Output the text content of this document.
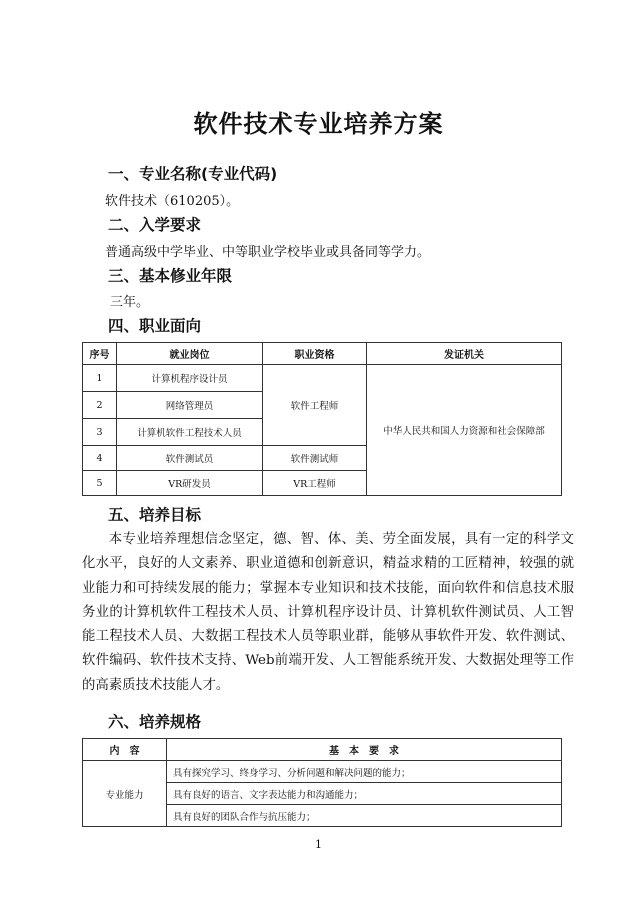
软件技术专业培养方案
一、专业名称(专业代码)
软件技术（610205）。
二、入学要求
普通高级中学毕业、中等职业学校毕业或具备同等学力。
三、基本修业年限
三年。
四、职业面向
序号	就业岗位	职业资格	发证机关
1	计算机程序设计员	软件工程师	中华人民共和国人力资源和社会保障部
2	网络管理员		
3	计算机软件工程技术人员		
4	软件测试员	软件测试师	
5	VR研发员	VR工程师	
五、培养目标

本专业培养理想信念坚定，德、智、体、美、劳全面发展，具有一定的科学文化水平，良好的人文素养、职业道德和创新意识，精益求精的工匠精神，较强的就业能力和可持续发展的能力；掌握本专业知识和技术技能，面向软件和信息技术服务业的计算机软件工程技术人员、计算机程序设计员、计算机软件测试员、人工智能工程技术人员、大数据工程技术人员等职业群，能够从事软件开发、软件测试、软件编码、软件技术支持、Web前端开发、人工智能系统开发、大数据处理等工作的高素质技术技能人才。

六、培养规格
内　容	基　本　要　求
专业能力	具有探究学习、终身学习、分析问题和解决问题的能力；
	具有良好的语言、文字表达能力和沟通能力；
	具有良好的团队合作与抗压能力；
1
